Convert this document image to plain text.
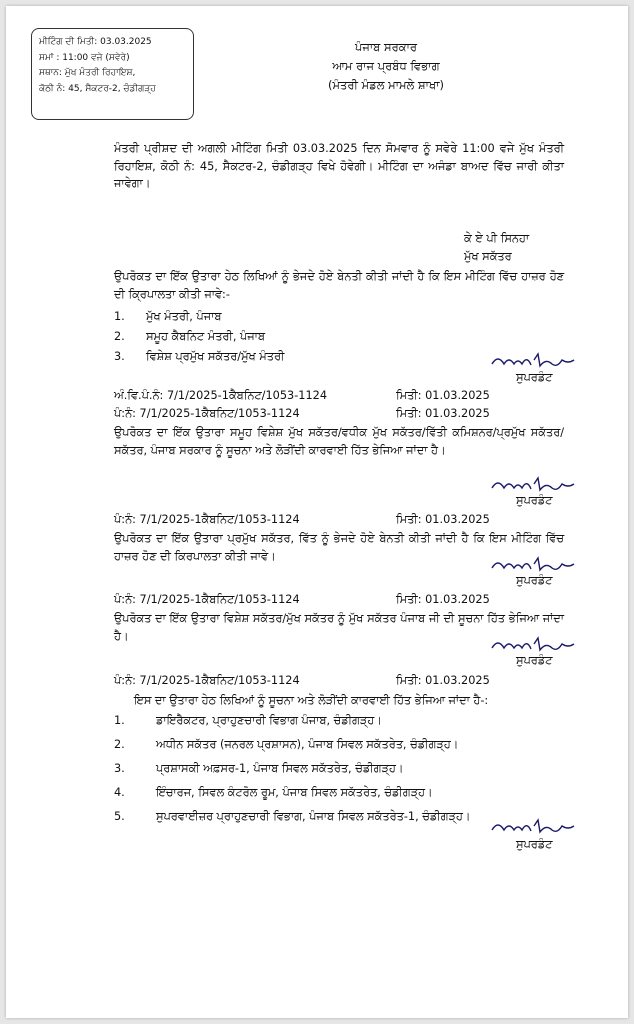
ਮੀਟਿੰਗ ਦੀ ਮਿਤੀ: 03.03.2025
ਸਮਾਂ : 11:00 ਵਜੇ (ਸਵੇਰੇ)
ਸਥਾਨ: ਮੁੱਖ ਮੰਤਰੀ ਰਿਹਾਇਸ਼,
ਕੋਠੀ ਨੰ: 45, ਸੈਕਟਰ-2, ਚੰਡੀਗੜ੍ਹ
ਪੰਜਾਬ ਸਰਕਾਰ
ਆਮ ਰਾਜ ਪ੍ਰਬੰਧ ਵਿਭਾਗ
(ਮੰਤਰੀ ਮੰਡਲ ਮਾਮਲੇ ਸ਼ਾਖਾ)
ਮੰਤਰੀ ਪ੍ਰੀਸ਼ਦ ਦੀ ਅਗਲੀ ਮੀਟਿੰਗ ਮਿਤੀ 03.03.2025 ਦਿਨ ਸੋਮਵਾਰ ਨੂੰ ਸਵੇਰੇ 11:00 ਵਜੇ ਮੁੱਖ ਮੰਤਰੀ ਰਿਹਾਇਸ਼, ਕੋਠੀ ਨੰ: 45, ਸੈਕਟਰ-2, ਚੰਡੀਗੜ੍ਹ ਵਿਖੇ ਹੋਵੇਗੀ। ਮੀਟਿੰਗ ਦਾ ਅਜੰਡਾ ਬਾਅਦ ਵਿੱਚ ਜਾਰੀ ਕੀਤਾ ਜਾਵੇਗਾ।
ਕੇ ਏ ਪੀ ਸਿਨਹਾ
ਮੁੱਖ ਸਕੱਤਰ
ਉਪਰੋਕਤ ਦਾ ਇੱਕ ਉਤਾਰਾ ਹੇਠ ਲਿਖਿਆਂ ਨੂੰ ਭੇਜਦੇ ਹੋਏ ਬੇਨਤੀ ਕੀਤੀ ਜਾਂਦੀ ਹੈ ਕਿ ਇਸ ਮੀਟਿੰਗ ਵਿੱਚ ਹਾਜ਼ਰ ਹੋਣ ਦੀ ਕ੍ਰਿਪਾਲਤਾ ਕੀਤੀ ਜਾਵੇ:-
1. ਮੁੱਖ ਮੰਤਰੀ, ਪੰਜਾਬ
2. ਸਮੂਹ ਕੈਬਨਿਟ ਮੰਤਰੀ, ਪੰਜਾਬ
3. ਵਿਸ਼ੇਸ਼ ਪ੍ਰਮੁੱਖ ਸਕੱਤਰ/ਮੁੱਖ ਮੰਤਰੀ
ਸੁਪਰਡੰਟ
ਅੰ.ਵਿ.ਪੰ.ਨੰ: 7/1/2025-1ਕੈਬਨਿਟ/1053-1124	ਮਿਤੀ: 01.03.2025
ਪੰ:ਨੰ: 7/1/2025-1ਕੈਬਨਿਟ/1053-1124	ਮਿਤੀ: 01.03.2025
ਉਪਰੋਕਤ ਦਾ ਇੱਕ ਉਤਾਰਾ ਸਮੂਹ ਵਿਸ਼ੇਸ਼ ਮੁੱਖ ਸਕੱਤਰ/ਵਧੀਕ ਮੁੱਖ ਸਕੱਤਰ/ਵਿੱਤੀ ਕਮਿਸ਼ਨਰ/ਪ੍ਰਮੁੱਖ ਸਕੱਤਰ/ਸਕੱਤਰ, ਪੰਜਾਬ ਸਰਕਾਰ ਨੂੰ ਸੂਚਨਾ ਅਤੇ ਲੋੜੀਂਦੀ ਕਾਰਵਾਈ ਹਿੱਤ ਭੇਜਿਆ ਜਾਂਦਾ ਹੈ।
ਸੁਪਰਡੰਟ
ਪੰ:ਨੰ: 7/1/2025-1ਕੈਬਨਿਟ/1053-1124	ਮਿਤੀ: 01.03.2025
ਉਪਰੋਕਤ ਦਾ ਇੱਕ ਉਤਾਰਾ ਪ੍ਰਮੁੱਖ ਸਕੱਤਰ, ਵਿੱਤ ਨੂੰ ਭੇਜਦੇ ਹੋਏ ਬੇਨਤੀ ਕੀਤੀ ਜਾਂਦੀ ਹੈ ਕਿ ਇਸ ਮੀਟਿੰਗ ਵਿੱਚ ਹਾਜ਼ਰ ਹੋਣ ਦੀ ਕਿਰਪਾਲਤਾ ਕੀਤੀ ਜਾਵੇ।
ਸੁਪਰਡੰਟ
ਪੰ:ਨੰ: 7/1/2025-1ਕੈਬਨਿਟ/1053-1124	ਮਿਤੀ: 01.03.2025
ਉਪਰੋਕਤ ਦਾ ਇੱਕ ਉਤਾਰਾ ਵਿਸ਼ੇਸ਼ ਸਕੱਤਰ/ਮੁੱਖ ਸਕੱਤਰ ਨੂੰ ਮੁੱਖ ਸਕੱਤਰ ਪੰਜਾਬ ਜੀ ਦੀ ਸੂਚਨਾ ਹਿੱਤ ਭੇਜਿਆ ਜਾਂਦਾ ਹੈ।
ਸੁਪਰਡੰਟ
ਪੰ:ਨੰ: 7/1/2025-1ਕੈਬਨਿਟ/1053-1124	ਮਿਤੀ: 01.03.2025
ਇਸ ਦਾ ਉਤਾਰਾ ਹੇਠ ਲਿਖਿਆਂ ਨੂੰ ਸੂਚਨਾ ਅਤੇ ਲੋੜੀਂਦੀ ਕਾਰਵਾਈ ਹਿੱਤ ਭੇਜਿਆ ਜਾਂਦਾ ਹੈ-:
1.	ਡਾਇਰੈਕਟਰ, ਪ੍ਰਾਹੁਣਚਾਰੀ ਵਿਭਾਗ ਪੰਜਾਬ, ਚੰਡੀਗੜ੍ਹ।
2.	ਅਧੀਨ ਸਕੱਤਰ (ਜਨਰਲ ਪ੍ਰਸ਼ਾਸਨ), ਪੰਜਾਬ ਸਿਵਲ ਸਕੱਤਰੇਤ, ਚੰਡੀਗੜ੍ਹ।
3.	ਪ੍ਰਸ਼ਾਸਕੀ ਅਫ਼ਸਰ-1, ਪੰਜਾਬ ਸਿਵਲ ਸਕੱਤਰੇਤ, ਚੰਡੀਗੜ੍ਹ।
4.	ਇੰਚਾਰਜ, ਸਿਵਲ ਕੰਟਰੋਲ ਰੂਮ, ਪੰਜਾਬ ਸਿਵਲ ਸਕੱਤਰੇਤ, ਚੰਡੀਗੜ੍ਹ।
5.	ਸੁਪਰਵਾਈਜ਼ਰ ਪ੍ਰਾਹੁਣਚਾਰੀ ਵਿਭਾਗ, ਪੰਜਾਬ ਸਿਵਲ ਸਕੱਤਰੇਤ-1, ਚੰਡੀਗੜ੍ਹ।
ਸੁਪਰਡੰਟ
